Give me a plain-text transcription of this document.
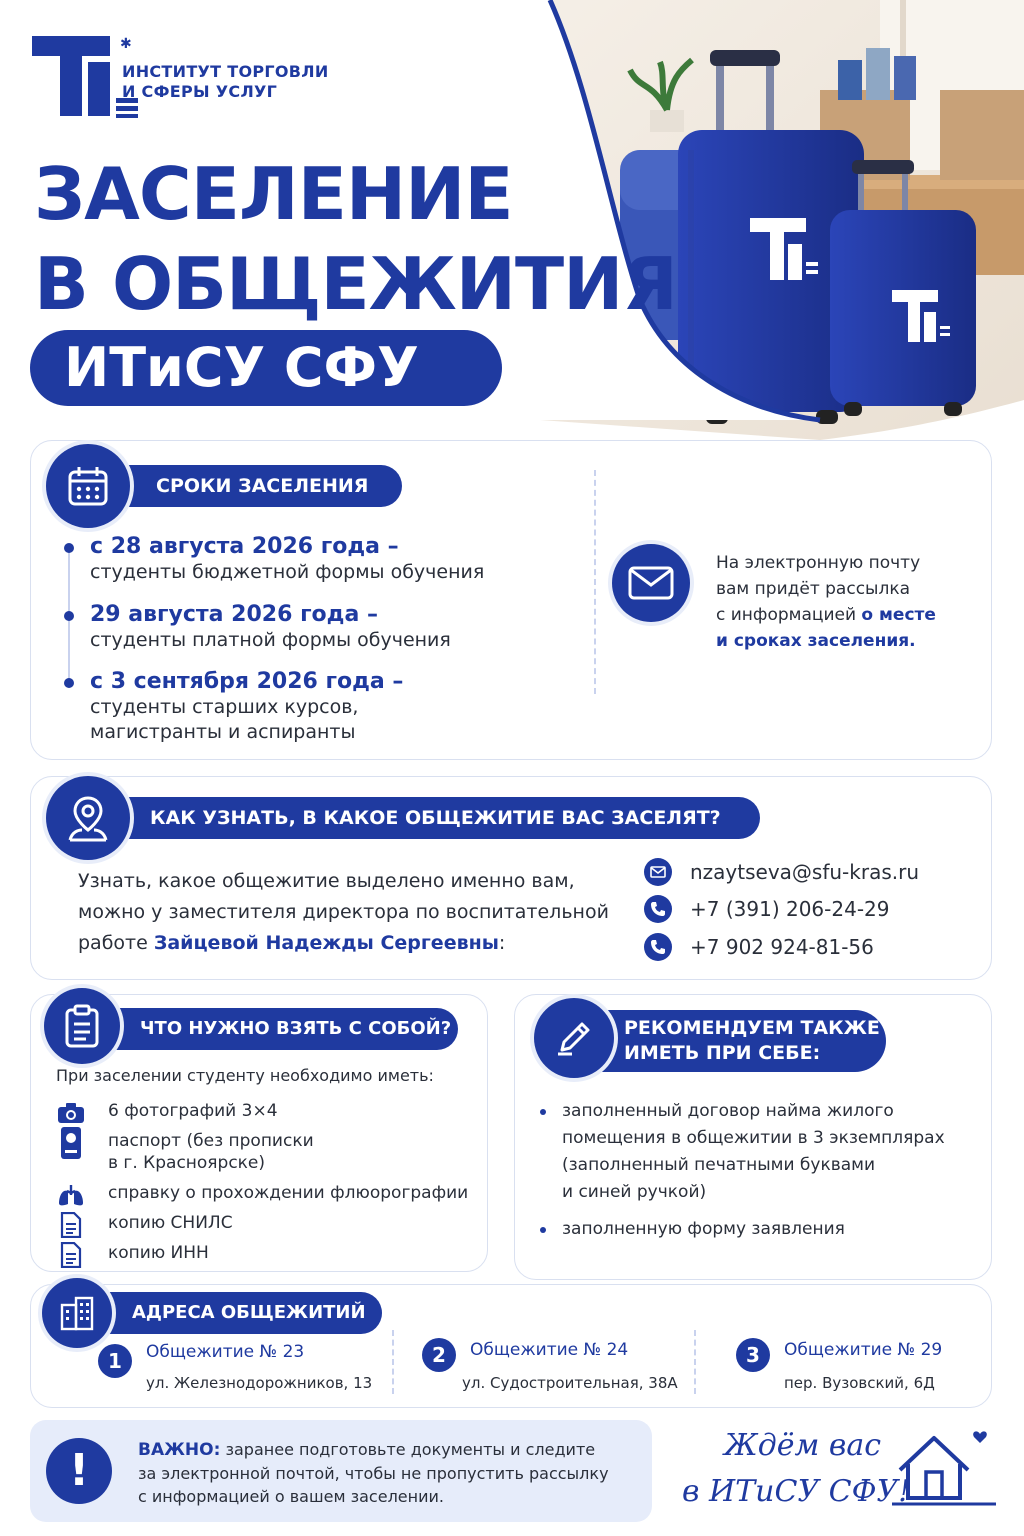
✱
ИНСТИТУТ ТОРГОВЛИ
И СФЕРЫ УСЛУГ
ЗАСЕЛЕНИЕ
В ОБЩЕЖИТИЯ
ИТиСУ СФУ
СРОКИ ЗАСЕЛЕНИЯ
с 28 августа 2026 года –
студенты бюджетной формы обучения
29 августа 2026 года –
студенты платной формы обучения
с 3 сентября 2026 года –
студенты старших курсов,
магистранты и аспиранты
На электронную почту
вам придёт рассылка
с информацией о месте
и сроках заселения.
КАК УЗНАТЬ, В КАКОЕ ОБЩЕЖИТИЕ ВАС ЗАСЕЛЯТ?
Узнать, какое общежитие выделено именно вам,
можно у заместителя директора по воспитательной
работе Зайцевой Надежды Сергеевны:
nzaytseva@sfu-kras.ru
+7 (391) 206-24-29
+7 902 924-81-56
ЧТО НУЖНО ВЗЯТЬ С СОБОЙ?
При заселении студенту необходимо иметь:
6 фотографий 3×4
паспорт (без прописки
в г. Красноярске)
справку о прохождении флюорографии
копию СНИЛС
копию ИНН
РЕКОМЕНДУЕМ ТАКЖЕ
ИМЕТЬ ПРИ СЕБЕ:
заполненный договор найма жилого
помещения в общежитии в 3 экземплярах
(заполненный печатными буквами
и синей ручкой)
заполненную форму заявления
АДРЕСА ОБЩЕЖИТИЙ
1	Общежитие № 23
ул. Железнодорожников, 13
2	Общежитие № 24
ул. Судостроительная, 38А
3	Общежитие № 29
пер. Вузовский, 6Д
!	ВАЖНО: заранее подготовьте документы и следите
за электронной почтой, чтобы не пропустить рассылку
с информацией о вашем заселении.
Ждём вас
в ИТиСУ СФУ!
